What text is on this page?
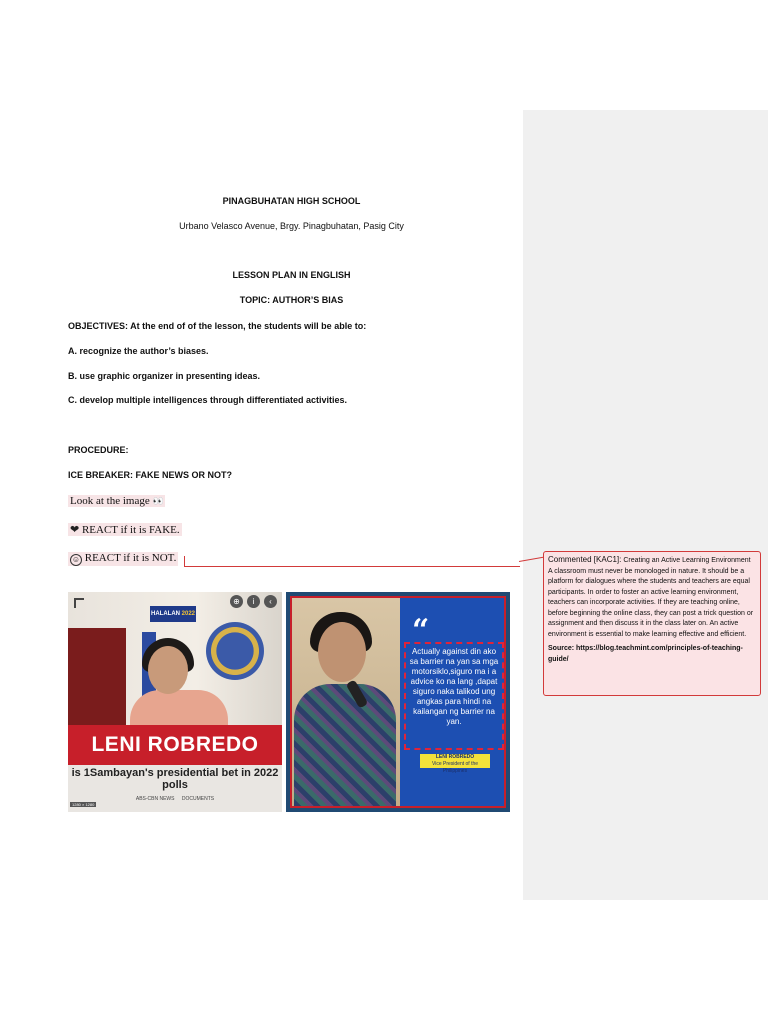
PINAGBUHATAN HIGH SCHOOL
Urbano Velasco Avenue, Brgy. Pinagbuhatan, Pasig City
LESSON PLAN IN ENGLISH
TOPIC: AUTHOR’S BIAS
OBJECTIVES: At the end of of the lesson, the students will be able to:
A. recognize the author’s biases.
B. use graphic organizer in presenting ideas.
C. develop multiple intelligences through differentiated activities.
PROCEDURE:
ICE BREAKER: FAKE NEWS OR NOT?
Look at the image 👀
❤ REACT if it is FAKE.
☺ REACT if it is NOT.	Commented [KAC1]: Creating an Active Learning Environment
A classroom must never be monologed in nature. It should be a platform for dialogues where the students and teachers are equal participants. In order to foster an active learning environment, teachers can incorporate activities. If they are teaching online, before beginning the online class, they can post a trick question or assignment and then discuss it in the class later on. An active environment is essential to make learning effective and efficient.
Source: https://blog.teachmint.com/principles-of-teaching-guide/
HALALAN 2022
⊕	i	‹
LENI ROBREDO
is 1Sambayan's presidential bet in 2022 polls
ABS-CBN NEWS DOCUMENTS
1280 × 1280
“
Actually against din ako sa barrier na yan sa mga motorsiklo,siguro ma i a advice ko na lang ,dapat siguro naka talikod ung angkas para hindi na kailangan ng barrier na yan.
LENI ROBREDO
Vice President of the Philippines
